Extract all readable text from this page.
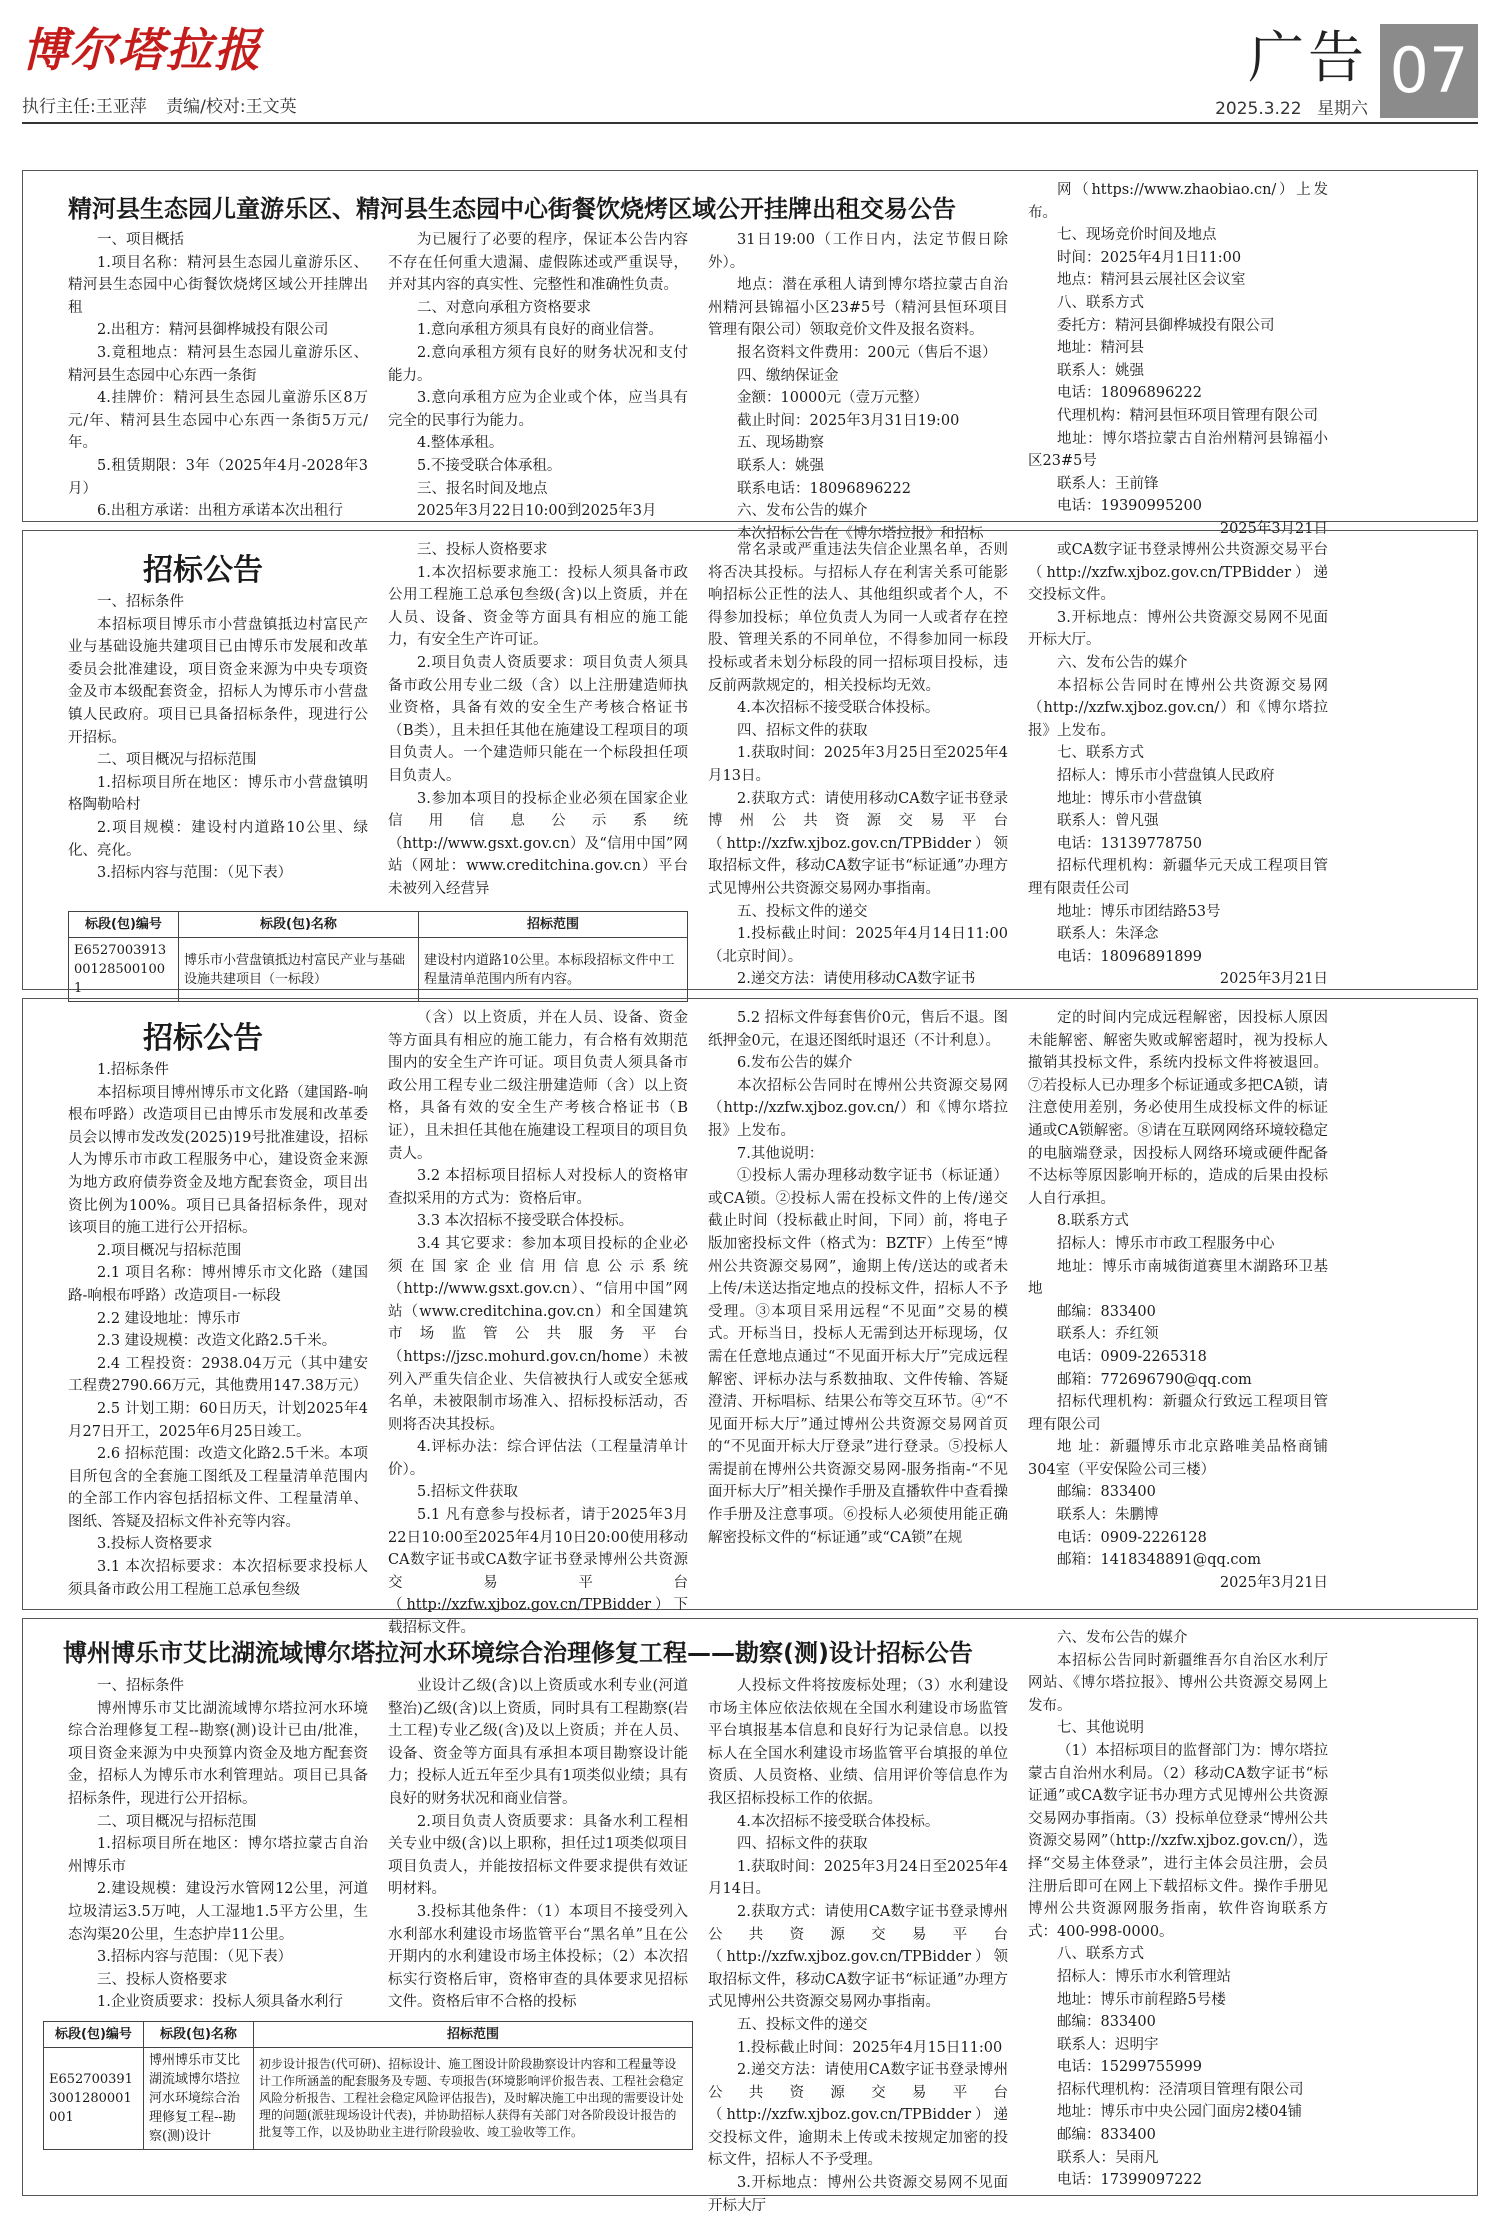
博尔塔拉报
执行主任:王亚萍 责编/校对:王文英
广告 07
2025.3.22 星期六
精河县生态园儿童游乐区、精河县生态园中心街餐饮烧烤区域公开挂牌出租交易公告

一、项目概括

1.项目名称：精河县生态园儿童游乐区、精河县生态园中心街餐饮烧烤区域公开挂牌出租

2.出租方：精河县御桦城投有限公司

3.竟租地点：精河县生态园儿童游乐区、精河县生态园中心东西一条街

4.挂牌价：精河县生态园儿童游乐区8万元/年、精河县生态园中心东西一条街5万元/年。

5.租赁期限：3年（2025年4月-2028年3月）

6.出租方承诺：出租方承诺本次出租行

为已履行了必要的程序，保证本公告内容不存在任何重大遗漏、虚假陈述或严重误导，并对其内容的真实性、完整性和准确性负责。

二、对意向承租方资格要求

1.意向承租方须具有良好的商业信誉。

2.意向承租方须有良好的财务状况和支付能力。

3.意向承租方应为企业或个体，应当具有完全的民事行为能力。

4.整体承租。

5.不接受联合体承租。

三、报名时间及地点

2025年3月22日10:00到2025年3月

31日19:00（工作日内，法定节假日除外）。

地点：潜在承租人请到博尔塔拉蒙古自治州精河县锦福小区23#5号（精河县恒环项目管理有限公司）领取竞价文件及报名资料。

报名资料文件费用：200元（售后不退）

四、缴纳保证金

金额：10000元（壹万元整）

截止时间：2025年3月31日19:00

五、现场勘察

联系人：姚强

联系电话：18096896222

六、发布公告的媒介

本次招标公告在《博尔塔拉报》和招标

网（https://www.zhaobiao.cn/）上发布。

七、现场竞价时间及地点

时间：2025年4月1日11:00

地点：精河县云展社区会议室

八、联系方式

委托方：精河县御桦城投有限公司

地址：精河县

联系人：姚强

电话：18096896222

代理机构：精河县恒环项目管理有限公司

地址：博尔塔拉蒙古自治州精河县锦福小区23#5号

联系人：王前锋

电话：19390995200

2025年3月21日

招标公告

一、招标条件

本招标项目博乐市小营盘镇抵边村富民产业与基础设施共建项目已由博乐市发展和改革委员会批准建设，项目资金来源为中央专项资金及市本级配套资金，招标人为博乐市小营盘镇人民政府。项目已具备招标条件，现进行公开招标。

二、项目概况与招标范围

1.招标项目所在地区：博乐市小营盘镇明格陶勒哈村

2.项目规模：建设村内道路10公里、绿化、亮化。

3.招标内容与范围：（见下表）

三、投标人资格要求

1.本次招标要求施工：投标人须具备市政公用工程施工总承包叁级(含)以上资质，并在人员、设备、资金等方面具有相应的施工能力，有安全生产许可证。

2.项目负责人资质要求：项目负责人须具备市政公用专业二级（含）以上注册建造师执业资格，具备有效的安全生产考核合格证书（B类），且未担任其他在施建设工程项目的项目负责人。一个建造师只能在一个标段担任项目负责人。

3.参加本项目的投标企业必须在国家企业信用信息公示系统（http://www.gsxt.gov.cn）及“信用中国”网站（网址：www.creditchina.gov.cn）平台未被列入经营异

常名录或严重违法失信企业黑名单，否则将否决其投标。与招标人存在利害关系可能影响招标公正性的法人、其他组织或者个人，不得参加投标；单位负责人为同一人或者存在控股、管理关系的不同单位，不得参加同一标段投标或者未划分标段的同一招标项目投标，违反前两款规定的，相关投标均无效。

4.本次招标不接受联合体投标。

四、招标文件的获取

1.获取时间：2025年3月25日至2025年4月13日。

2.获取方式：请使用移动CA数字证书登录博州公共资源交易平台（http://xzfw.xjboz.gov.cn/TPBidder）领取招标文件，移动CA数字证书“标证通”办理方式见博州公共资源交易网办事指南。

五、投标文件的递交

1.投标截止时间：2025年4月14日11:00（北京时间）。

2.递交方法：请使用移动CA数字证书

或CA数字证书登录博州公共资源交易平台（http://xzfw.xjboz.gov.cn/TPBidder）递交投标文件。

3.开标地点：博州公共资源交易网不见面开标大厅。

六、发布公告的媒介

本招标公告同时在博州公共资源交易网（http://xzfw.xjboz.gov.cn/）和《博尔塔拉报》上发布。

七、联系方式

招标人：博乐市小营盘镇人民政府

地址：博乐市小营盘镇

联系人：曾凡强

电话：13139778750

招标代理机构：新疆华元天成工程项目管理有限责任公司

地址：博乐市团结路53号

联系人：朱泽念

电话：18096891899

2025年3月21日

标段(包)编号	标段(包)名称	招标范围
E6527003913001285001001	博乐市小营盘镇抵边村富民产业与基础设施共建项目（一标段）	建设村内道路10公里。本标段招标文件中工程量清单范围内所有内容。
招标公告

1.招标条件

本招标项目博州博乐市文化路（建国路-响根布呼路）改造项目已由博乐市发展和改革委员会以博市发改发(2025)19号批准建设，招标人为博乐市市政工程服务中心，建设资金来源为地方政府债券资金及地方配套资金，项目出资比例为100%。项目已具备招标条件，现对该项目的施工进行公开招标。

2.项目概况与招标范围

2.1 项目名称：博州博乐市文化路（建国路-响根布呼路）改造项目-一标段

2.2 建设地址：博乐市

2.3 建设规模：改造文化路2.5千米。

2.4 工程投资：2938.04万元（其中建安工程费2790.66万元，其他费用147.38万元）

2.5 计划工期：60日历天，计划2025年4月27日开工，2025年6月25日竣工。

2.6 招标范围：改造文化路2.5千米。本项目所包含的全套施工图纸及工程量清单范围内的全部工作内容包括招标文件、工程量清单、图纸、答疑及招标文件补充等内容。

3.投标人资格要求

3.1 本次招标要求：本次招标要求投标人须具备市政公用工程施工总承包叁级

（含）以上资质，并在人员、设备、资金等方面具有相应的施工能力，有合格有效期范围内的安全生产许可证。项目负责人须具备市政公用工程专业二级注册建造师（含）以上资格，具备有效的安全生产考核合格证书（B证），且未担任其他在施建设工程项目的项目负责人。

3.2 本招标项目招标人对投标人的资格审查拟采用的方式为：资格后审。

3.3 本次招标不接受联合体投标。

3.4 其它要求：参加本项目投标的企业必须在国家企业信用信息公示系统（http://www.gsxt.gov.cn）、“信用中国”网站（www.creditchina.gov.cn）和全国建筑市场监管公共服务平台（https://jzsc.mohurd.gov.cn/home）未被列入严重失信企业、失信被执行人或安全惩戒名单，未被限制市场准入、招标投标活动，否则将否决其投标。

4.评标办法：综合评估法（工程量清单计价）。

5.招标文件获取

5.1 凡有意参与投标者，请于2025年3月22日10:00至2025年4月10日20:00使用移动CA数字证书或CA数字证书登录博州公共资源交易平台（http://xzfw.xjboz.gov.cn/TPBidder）下载招标文件。

5.2 招标文件每套售价0元，售后不退。图纸押金0元，在退还图纸时退还（不计利息）。

6.发布公告的媒介

本次招标公告同时在博州公共资源交易网（http://xzfw.xjboz.gov.cn/）和《博尔塔拉报》上发布。

7.其他说明：

①投标人需办理移动数字证书（标证通）或CA锁。②投标人需在投标文件的上传/递交截止时间（投标截止时间，下同）前，将电子版加密投标文件（格式为：BZTF）上传至“博州公共资源交易网”，逾期上传/送达的或者未上传/未送达指定地点的投标文件，招标人不予受理。③本项目采用远程“不见面”交易的模式。开标当日，投标人无需到达开标现场，仅需在任意地点通过“不见面开标大厅”完成远程解密、评标办法与系数抽取、文件传输、答疑澄清、开标唱标、结果公布等交互环节。④“不见面开标大厅”通过博州公共资源交易网首页的“不见面开标大厅登录”进行登录。⑤投标人需提前在博州公共资源交易网-服务指南-“不见面开标大厅”相关操作手册及直播软件中查看操作手册及注意事项。⑥投标人必须使用能正确解密投标文件的“标证通”或“CA锁”在规

定的时间内完成远程解密，因投标人原因未能解密、解密失败或解密超时，视为投标人撤销其投标文件，系统内投标文件将被退回。⑦若投标人已办理多个标证通或多把CA锁，请注意使用差别，务必使用生成投标文件的标证通或CA锁解密。⑧请在互联网网络环境较稳定的电脑端登录，因投标人网络环境或硬件配备不达标等原因影响开标的，造成的后果由投标人自行承担。

8.联系方式

招标人：博乐市市政工程服务中心

地址：博乐市南城街道赛里木湖路环卫基地

邮编：833400

联系人：乔红领

电话：0909-2265318

邮箱：772696790@qq.com

招标代理机构：新疆众行致远工程项目管理有限公司

地 址：新疆博乐市北京路唯美品格商铺304室（平安保险公司三楼）

邮编：833400

联系人：朱鹏博

电话：0909-2226128

邮箱：1418348891@qq.com

2025年3月21日

博州博乐市艾比湖流域博尔塔拉河水环境综合治理修复工程——勘察(测)设计招标公告

一、招标条件

博州博乐市艾比湖流域博尔塔拉河水环境综合治理修复工程--勘察(测)设计已由/批准，项目资金来源为中央预算内资金及地方配套资金，招标人为博乐市水利管理站。项目已具备招标条件，现进行公开招标。

二、项目概况与招标范围

1.招标项目所在地区：博尔塔拉蒙古自治州博乐市

2.建设规模：建设污水管网12公里，河道垃圾清运3.5万吨，人工湿地1.5平方公里，生态沟渠20公里，生态护岸11公里。

3.招标内容与范围：（见下表）

三、投标人资格要求

1.企业资质要求：投标人须具备水利行

业设计乙级(含)以上资质或水利专业(河道整治)乙级(含)以上资质，同时具有工程勘察(岩土工程)专业乙级(含)及以上资质；并在人员、设备、资金等方面具有承担本项目勘察设计能力；投标人近五年至少具有1项类似业绩；具有良好的财务状况和商业信誉。

2.项目负责人资质要求：具备水利工程相关专业中级(含)以上职称，担任过1项类似项目项目负责人，并能按招标文件要求提供有效证明材料。

3.投标其他条件：（1）本项目不接受列入水利部水利建设市场监管平台“黑名单”且在公开期内的水利建设市场主体投标；（2）本次招标实行资格后审，资格审查的具体要求见招标文件。资格后审不合格的投标

人投标文件将按废标处理；（3）水利建设市场主体应依法依规在全国水利建设市场监管平台填报基本信息和良好行为记录信息。以投标人在全国水利建设市场监管平台填报的单位资质、人员资格、业绩、信用评价等信息作为我区招标投标工作的依据。

4.本次招标不接受联合体投标。

四、招标文件的获取

1.获取时间：2025年3月24日至2025年4月14日。

2.获取方式：请使用CA数字证书登录博州公共资源交易平台（http://xzfw.xjboz.gov.cn/TPBidder）领取招标文件，移动CA数字证书“标证通”办理方式见博州公共资源交易网办事指南。

五、投标文件的递交

1.投标截止时间：2025年4月15日11:00

2.递交方法：请使用CA数字证书登录博州公共资源交易平台（http://xzfw.xjboz.gov.cn/TPBidder）递交投标文件，逾期未上传或未按规定加密的投标文件，招标人不予受理。

3.开标地点：博州公共资源交易网不见面开标大厅

六、发布公告的媒介

本招标公告同时新疆维吾尔自治区水利厅网站、《博尔塔拉报》、博州公共资源交易网上发布。

七、其他说明

（1）本招标项目的监督部门为：博尔塔拉蒙古自治州水利局。（2）移动CA数字证书“标证通”或CA数字证书办理方式见博州公共资源交易网办事指南。（3）投标单位登录“博州公共资源交易网”（http://xzfw.xjboz.gov.cn/），选择“交易主体登录”，进行主体会员注册，会员注册后即可在网上下载招标文件。操作手册见博州公共资源网服务指南，软件咨询联系方式：400-998-0000。

八、联系方式

招标人：博乐市水利管理站

地址：博乐市前程路5号楼

邮编：833400

联系人：迟明宇

电话：15299755999

招标代理机构：泾清项目管理有限公司

地址：博乐市中央公园门面房2楼04铺

邮编：833400

联系人：吴雨凡

电话：17399097222

标段(包)编号	标段(包)名称	招标范围
E6527003913001280001001	博州博乐市艾比湖流域博尔塔拉河水环境综合治理修复工程--勘察(测)设计	初步设计报告(代可研)、招标设计、施工图设计阶段勘察设计内容和工程量等设计工作所涵盖的配套服务及专题、专项报告(环境影响评价报告表、工程社会稳定风险分析报告、工程社会稳定风险评估报告)，及时解决施工中出现的需要设计处理的问题(派驻现场设计代表)，并协助招标人获得有关部门对各阶段设计报告的批复等工作，以及协助业主进行阶段验收、竣工验收等工作。
